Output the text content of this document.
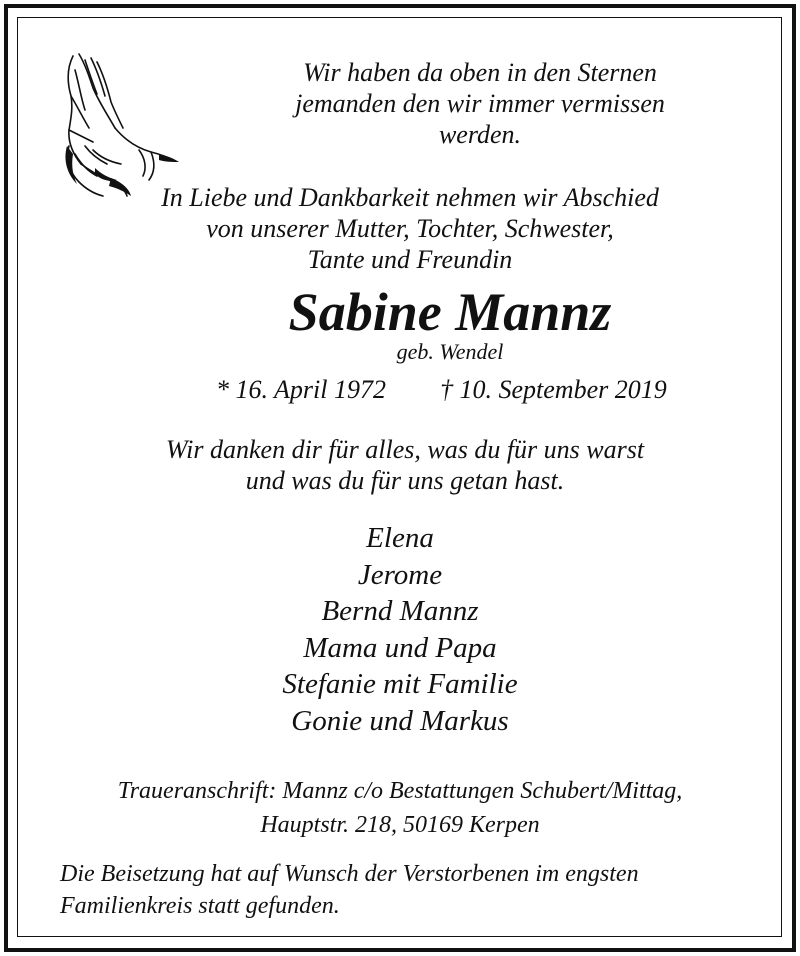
Wir haben da oben in den Sternen
jemanden den wir immer vermissen
werden.
In Liebe und Dankbarkeit nehmen wir Abschied
von unserer Mutter, Tochter, Schwester,
Tante und Freundin
Sabine Mannz
geb. Wendel
* 16. April 1972 † 10. September 2019
Wir danken dir für alles, was du für uns warst
und was du für uns getan hast.
Elena
Jerome
Bernd Mannz
Mama und Papa
Stefanie mit Familie
Gonie und Markus
Traueranschrift: Mannz c/o Bestattungen Schubert/Mittag,
Hauptstr. 218, 50169 Kerpen
Die Beisetzung hat auf Wunsch der Verstorbenen im engsten
Familienkreis statt gefunden.
